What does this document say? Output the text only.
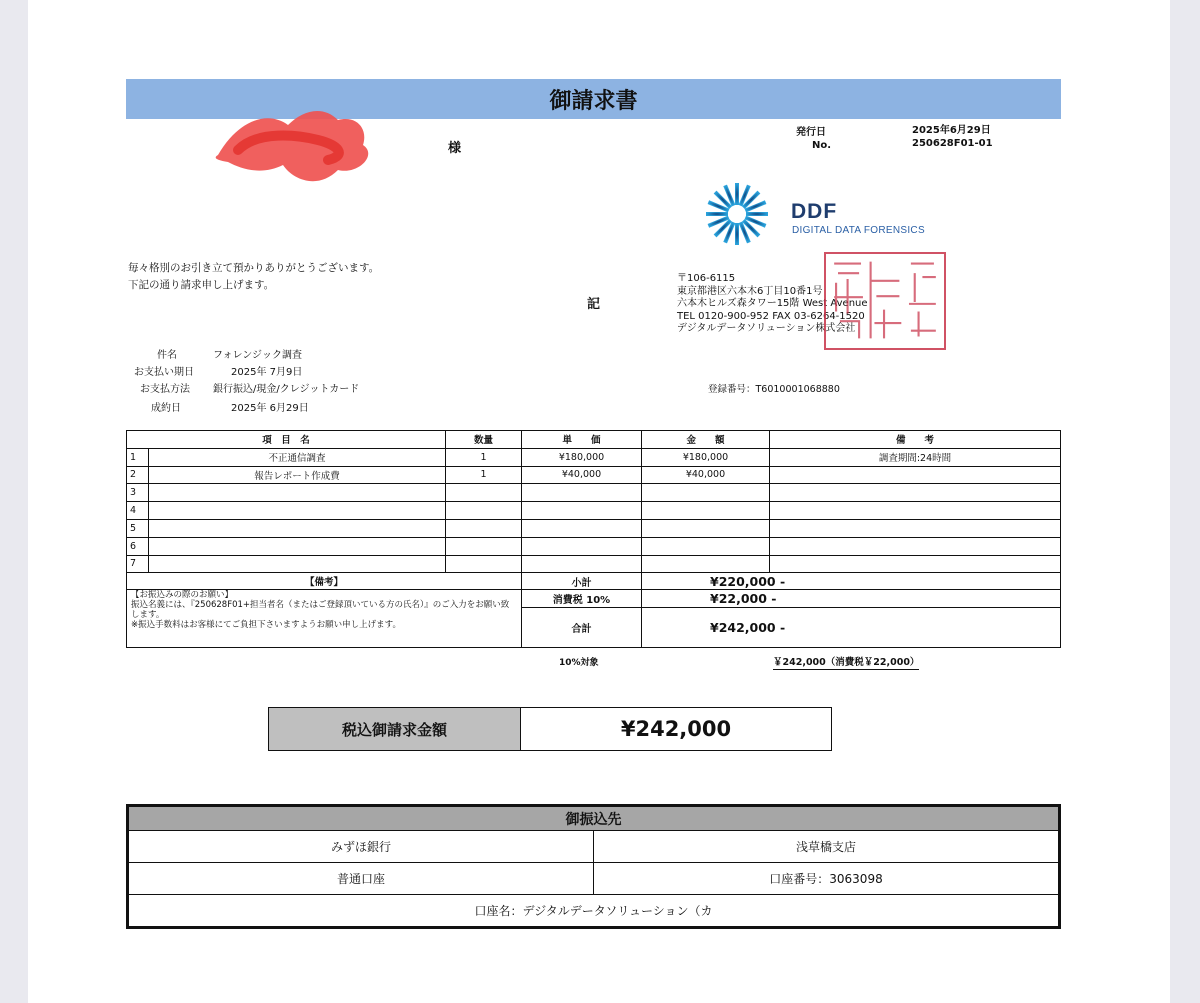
御請求書
様
発行日	2025年6月29日
No.	250628F01-01
DDF
DIGITAL DATA FORENSICS
毎々格別のお引き立て預かりありがとうございます。
下記の通り請求申し上げます。
記
〒106-6115
東京都港区六本木6丁目10番1号
六本木ヒルズ森タワー15階 West Avenue
TEL 0120-900-952 FAX 03-6264-1520
デジタルデータソリューション株式会社
件名	フォレンジック調査
お支払い期日	2025年 7月9日
お支払方法 銀行振込/現金/クレジットカード
成約日	2025年 6月29日
登録番号：T6010001068880
項　目　名		数量	単　　価	金　　額	備　　考
1	不正通信調査	1	¥180,000	¥180,000	調査期間:24時間
2	報告レポート作成費	1	¥40,000	¥40,000	
3					
4					
5					
6					
7					
【備考】	小計	¥220,000 -

【お振込みの際のお願い】
振込名義には、『250628F01+担当者名（またはご登録頂いている方の氏名）』のご入力をお願い致します。
※振込手数料はお客様にてご負担下さいますようお願い申し上げます。	消費税 10%	¥22,000 -
	合計	¥242,000 -
10%対象	￥242,000（消費税￥22,000）
税込御請求金額	¥242,000
御振込先	
みずほ銀行	浅草橋支店
普通口座	口座番号：3063098
口座名：デジタルデータソリューション（カ	
